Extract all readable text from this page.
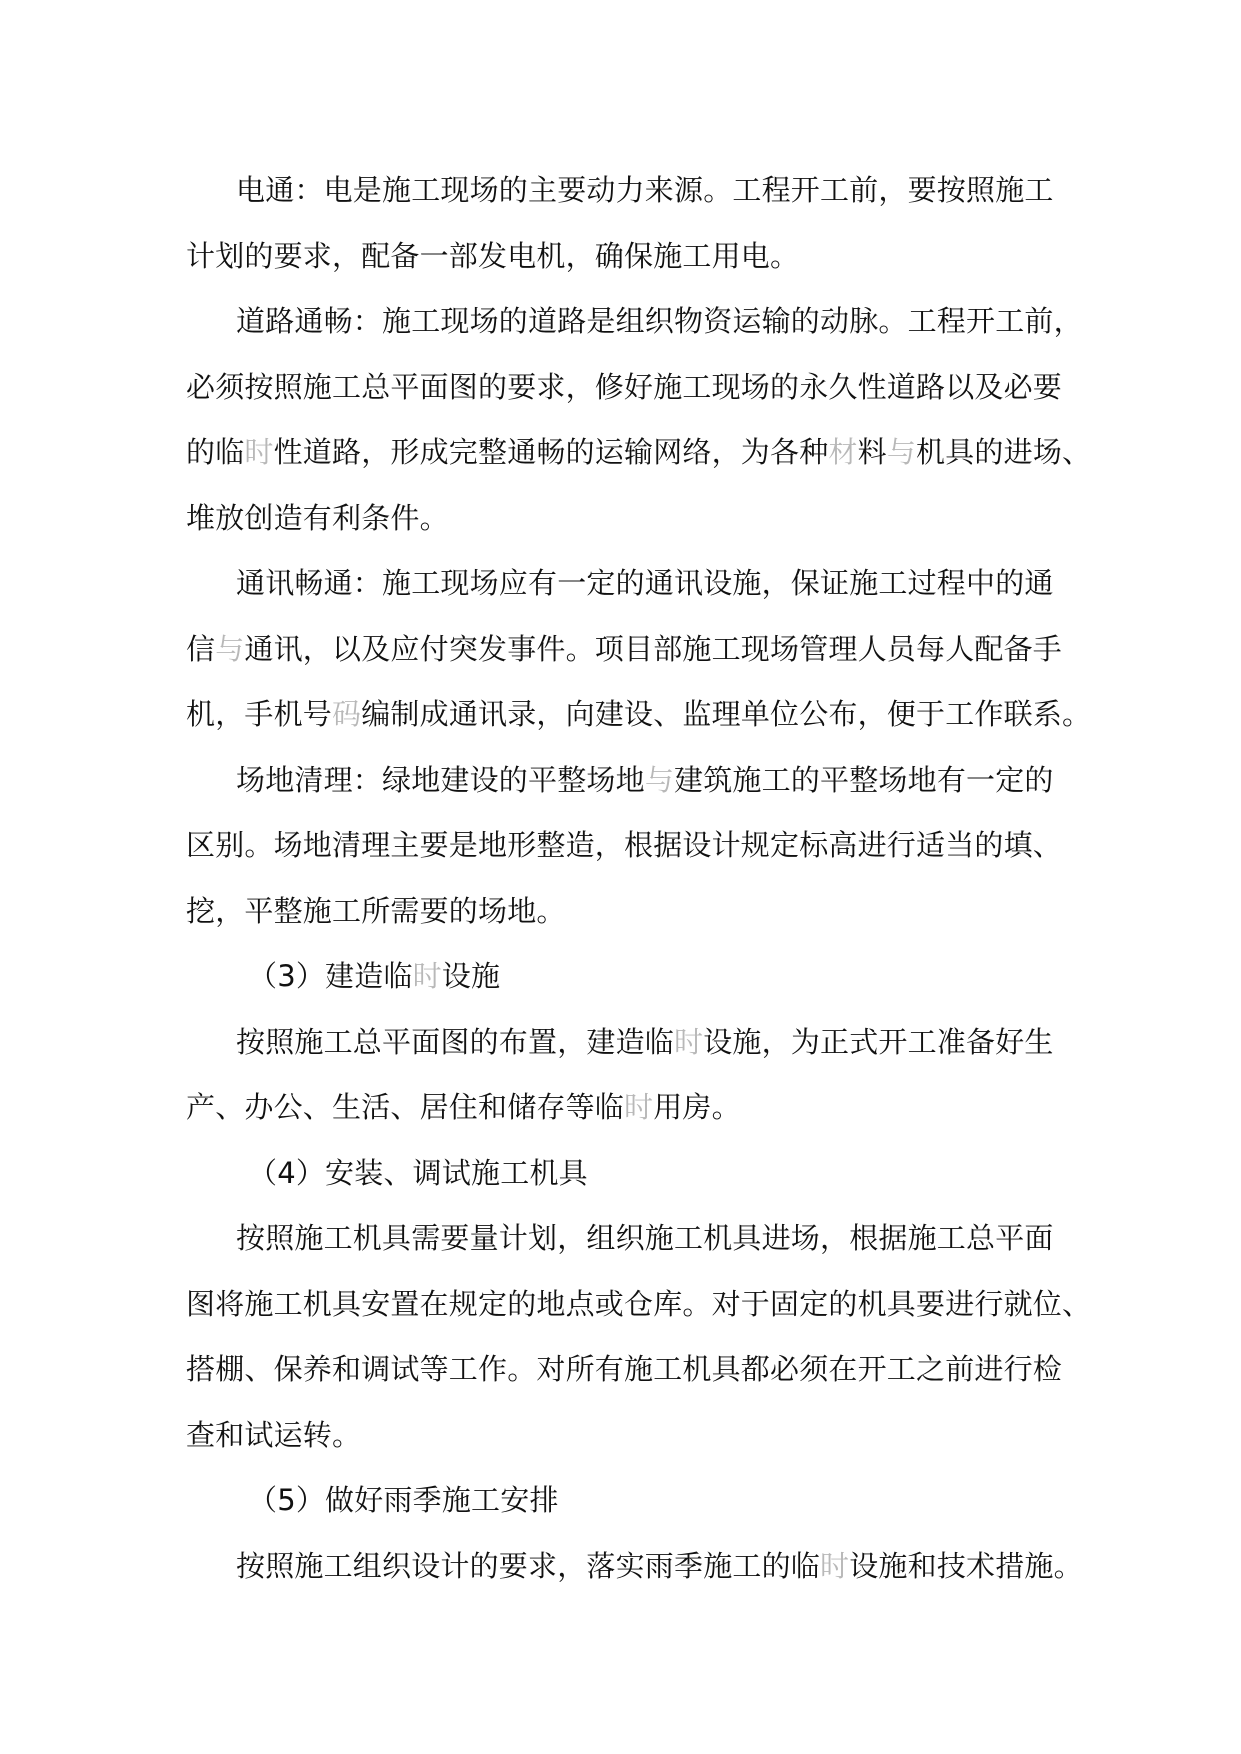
电通：电是施工现场的主要动力来源。工程开工前，要按照施工
计划的要求，配备一部发电机，确保施工用电。
道路通畅：施工现场的道路是组织物资运输的动脉。工程开工前，
必须按照施工总平面图的要求，修好施工现场的永久性道路以及必要
的临时性道路，形成完整通畅的运输网络，为各种材料与机具的进场、
堆放创造有利条件。
通讯畅通：施工现场应有一定的通讯设施，保证施工过程中的通
信与通讯，以及应付突发事件。项目部施工现场管理人员每人配备手
机，手机号码编制成通讯录，向建设、监理单位公布，便于工作联系。
场地清理：绿地建设的平整场地与建筑施工的平整场地有一定的
区别。场地清理主要是地形整造，根据设计规定标高进行适当的填、
挖，平整施工所需要的场地。
（3）建造临时设施
按照施工总平面图的布置，建造临时设施，为正式开工准备好生
产、办公、生活、居住和储存等临时用房。
（4）安装、调试施工机具
按照施工机具需要量计划，组织施工机具进场，根据施工总平面
图将施工机具安置在规定的地点或仓库。对于固定的机具要进行就位、
搭棚、保养和调试等工作。对所有施工机具都必须在开工之前进行检
查和试运转。
（5）做好雨季施工安排
按照施工组织设计的要求，落实雨季施工的临时设施和技术措施。
